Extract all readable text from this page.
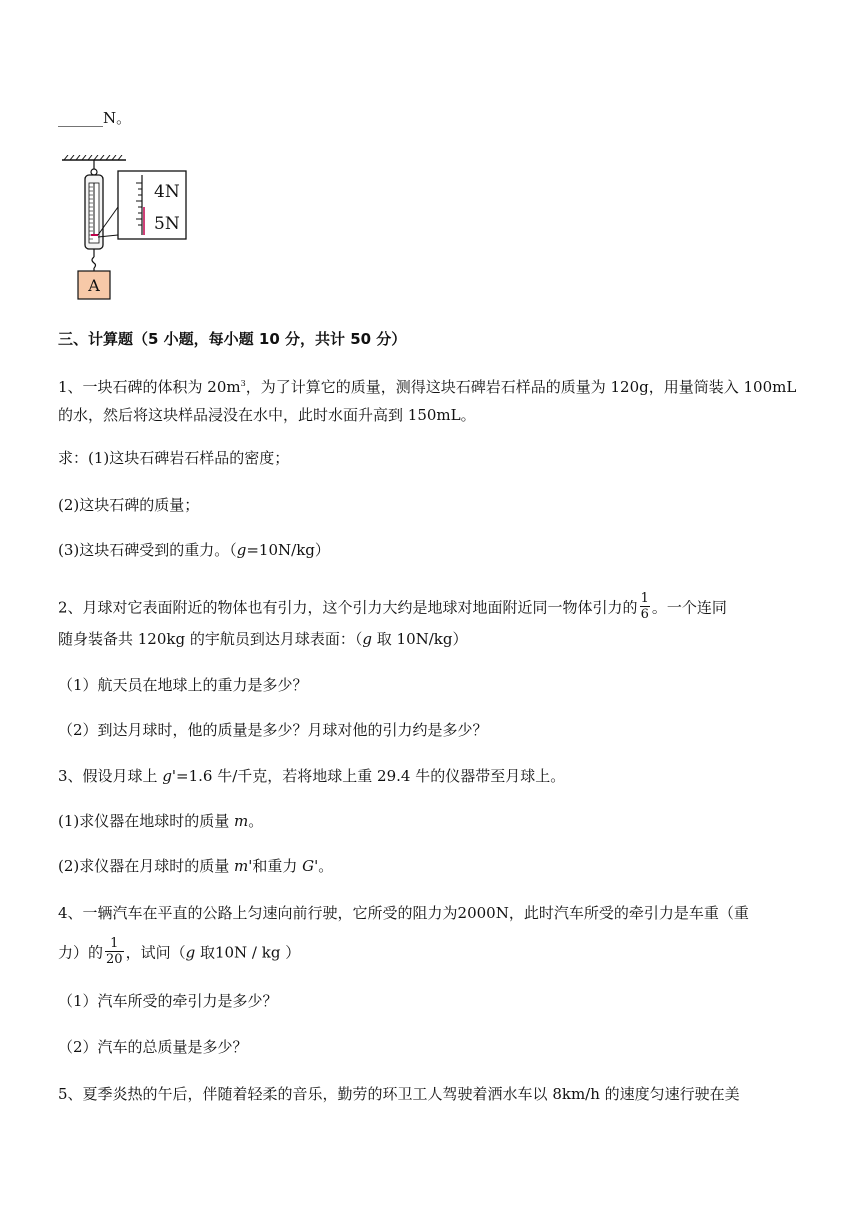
______N。
A
4N
5N
三、计算题（5 小题，每小题 10 分，共计 50 分）
1、一块石碑的体积为 $20m^3$，为了计算它的质量，测得这块石碑岩石样品的质量为 120g，用量筒装入 100mL
的水，然后将这块样品浸没在水中，此时水面升高到 150mL。
求：(1)这块石碑岩石样品的密度；
(2)这块石碑的质量；
(3)这块石碑受到的重力。（g=10N/kg）
2、月球对它表面附近的物体也有引力，这个引力大约是地球对地面附近同一物体引力的 $\frac{1}{6}$ 。一个连同
随身装备共 120kg 的宇航员到达月球表面：（g 取 10N/kg）
（1）航天员在地球上的重力是多少？
（2）到达月球时，他的质量是多少？月球对他的引力约是多少？
3、假设月球上 g'=1.6 牛/千克，若将地球上重 29.4 牛的仪器带至月球上。
(1)求仪器在地球时的质量 m。
(2)求仪器在月球时的质量 m'和重力 G'。
4、一辆汽车在平直的公路上匀速向前行驶，它所受的阻力为2000N，此时汽车所受的牵引力是车重（重
力）的 $\frac{1}{20}$ ，试问（g 取10N / kg ）
（1）汽车所受的牵引力是多少？
（2）汽车的总质量是多少？
5、夏季炎热的午后，伴随着轻柔的音乐，勤劳的环卫工人驾驶着洒水车以 8km/h 的速度匀速行驶在美
